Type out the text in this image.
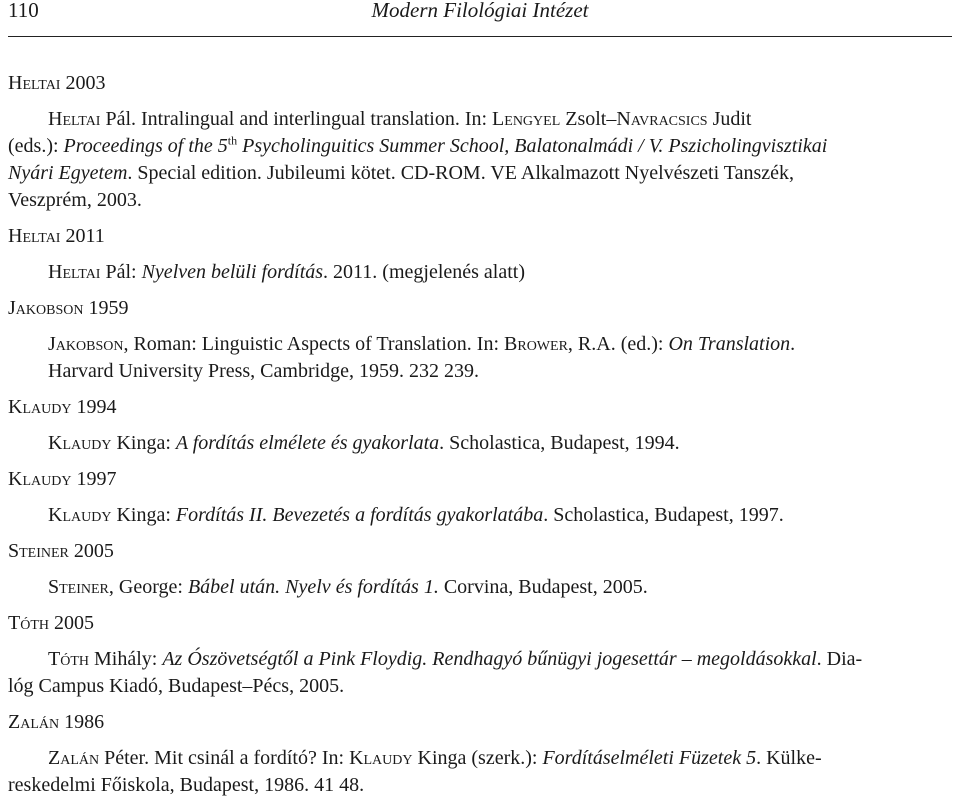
110	Modern Filológiai Intézet
Heltai 2003
Heltai Pál. Intralingual and interlingual translation. In: Lengyel Zsolt–Navracsics Judit
(eds.): Proceedings of the 5th Psycholinguitics Summer School, Balatonalmádi / V. Pszicholingvisztikai
Nyári Egyetem. Special edition. Jubileumi kötet. CD-ROM. VE Alkalmazott Nyelvészeti Tanszék,
Veszprém, 2003.
Heltai 2011
Heltai Pál: Nyelven belüli fordítás. 2011. (megjelenés alatt)
Jakobson 1959
Jakobson, Roman: Linguistic Aspects of Translation. In: Brower, R.A. (ed.): On Translation.
Harvard University Press, Cambridge, 1959. 232 239.
Klaudy 1994
Klaudy Kinga: A fordítás elmélete és gyakorlata. Scholastica, Budapest, 1994.
Klaudy 1997
Klaudy Kinga: Fordítás II. Bevezetés a fordítás gyakorlatába. Scholastica, Budapest, 1997.
Steiner 2005
Steiner, George: Bábel után. Nyelv és fordítás 1. Corvina, Budapest, 2005.
Tóth 2005
Tóth Mihály: Az Ószövetségtől a Pink Floydig. Rendhagyó bűnügyi jogesettár – megoldásokkal. Dia-
lóg Campus Kiadó, Budapest–Pécs, 2005.
Zalán 1986
Zalán Péter. Mit csinál a fordító? In: Klaudy Kinga (szerk.): Fordításelméleti Füzetek 5. Külke-
reskedelmi Főiskola, Budapest, 1986. 41 48.
